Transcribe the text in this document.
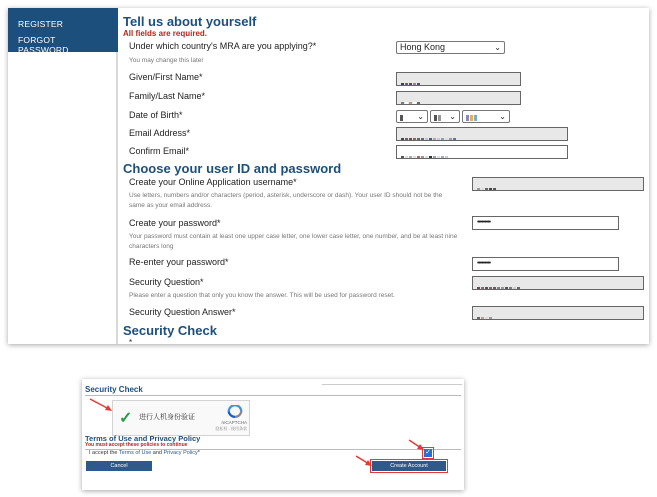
REGISTER
FORGOT PASSWORD
Tell us about yourself
All fields are required.
Under which country's MRA are you applying?*
You may change this later
Hong Kong	⌄
Given/First Name*
Family/Last Name*
Date of Birth*	⌄	⌄	⌄
Email Address*
Confirm Email*
Choose your user ID and password
Create your Online Application username*
Use letters, numbers and/or characters (period, asterisk, underscore or dash). Your user ID should not be the same as your email address.
Create your password*
Your password must contain at least one upper case letter, one lower case letter, one number, and be at least nine characters long
•••••••••
Re-enter your password*	•••••••••
Security Question*
Please enter a question that only you know the answer. This will be used for password reset.
Security Question Answer*
Security Check
*
Security Check
✓ 进行人机身份验证
reCAPTCHA
隐私权 - 使用条款
Terms of Use and Privacy Policy
You must accept these policies to continue
I accept the Terms of Use and Privacy Policy*	✓
Cancel	Create Account
